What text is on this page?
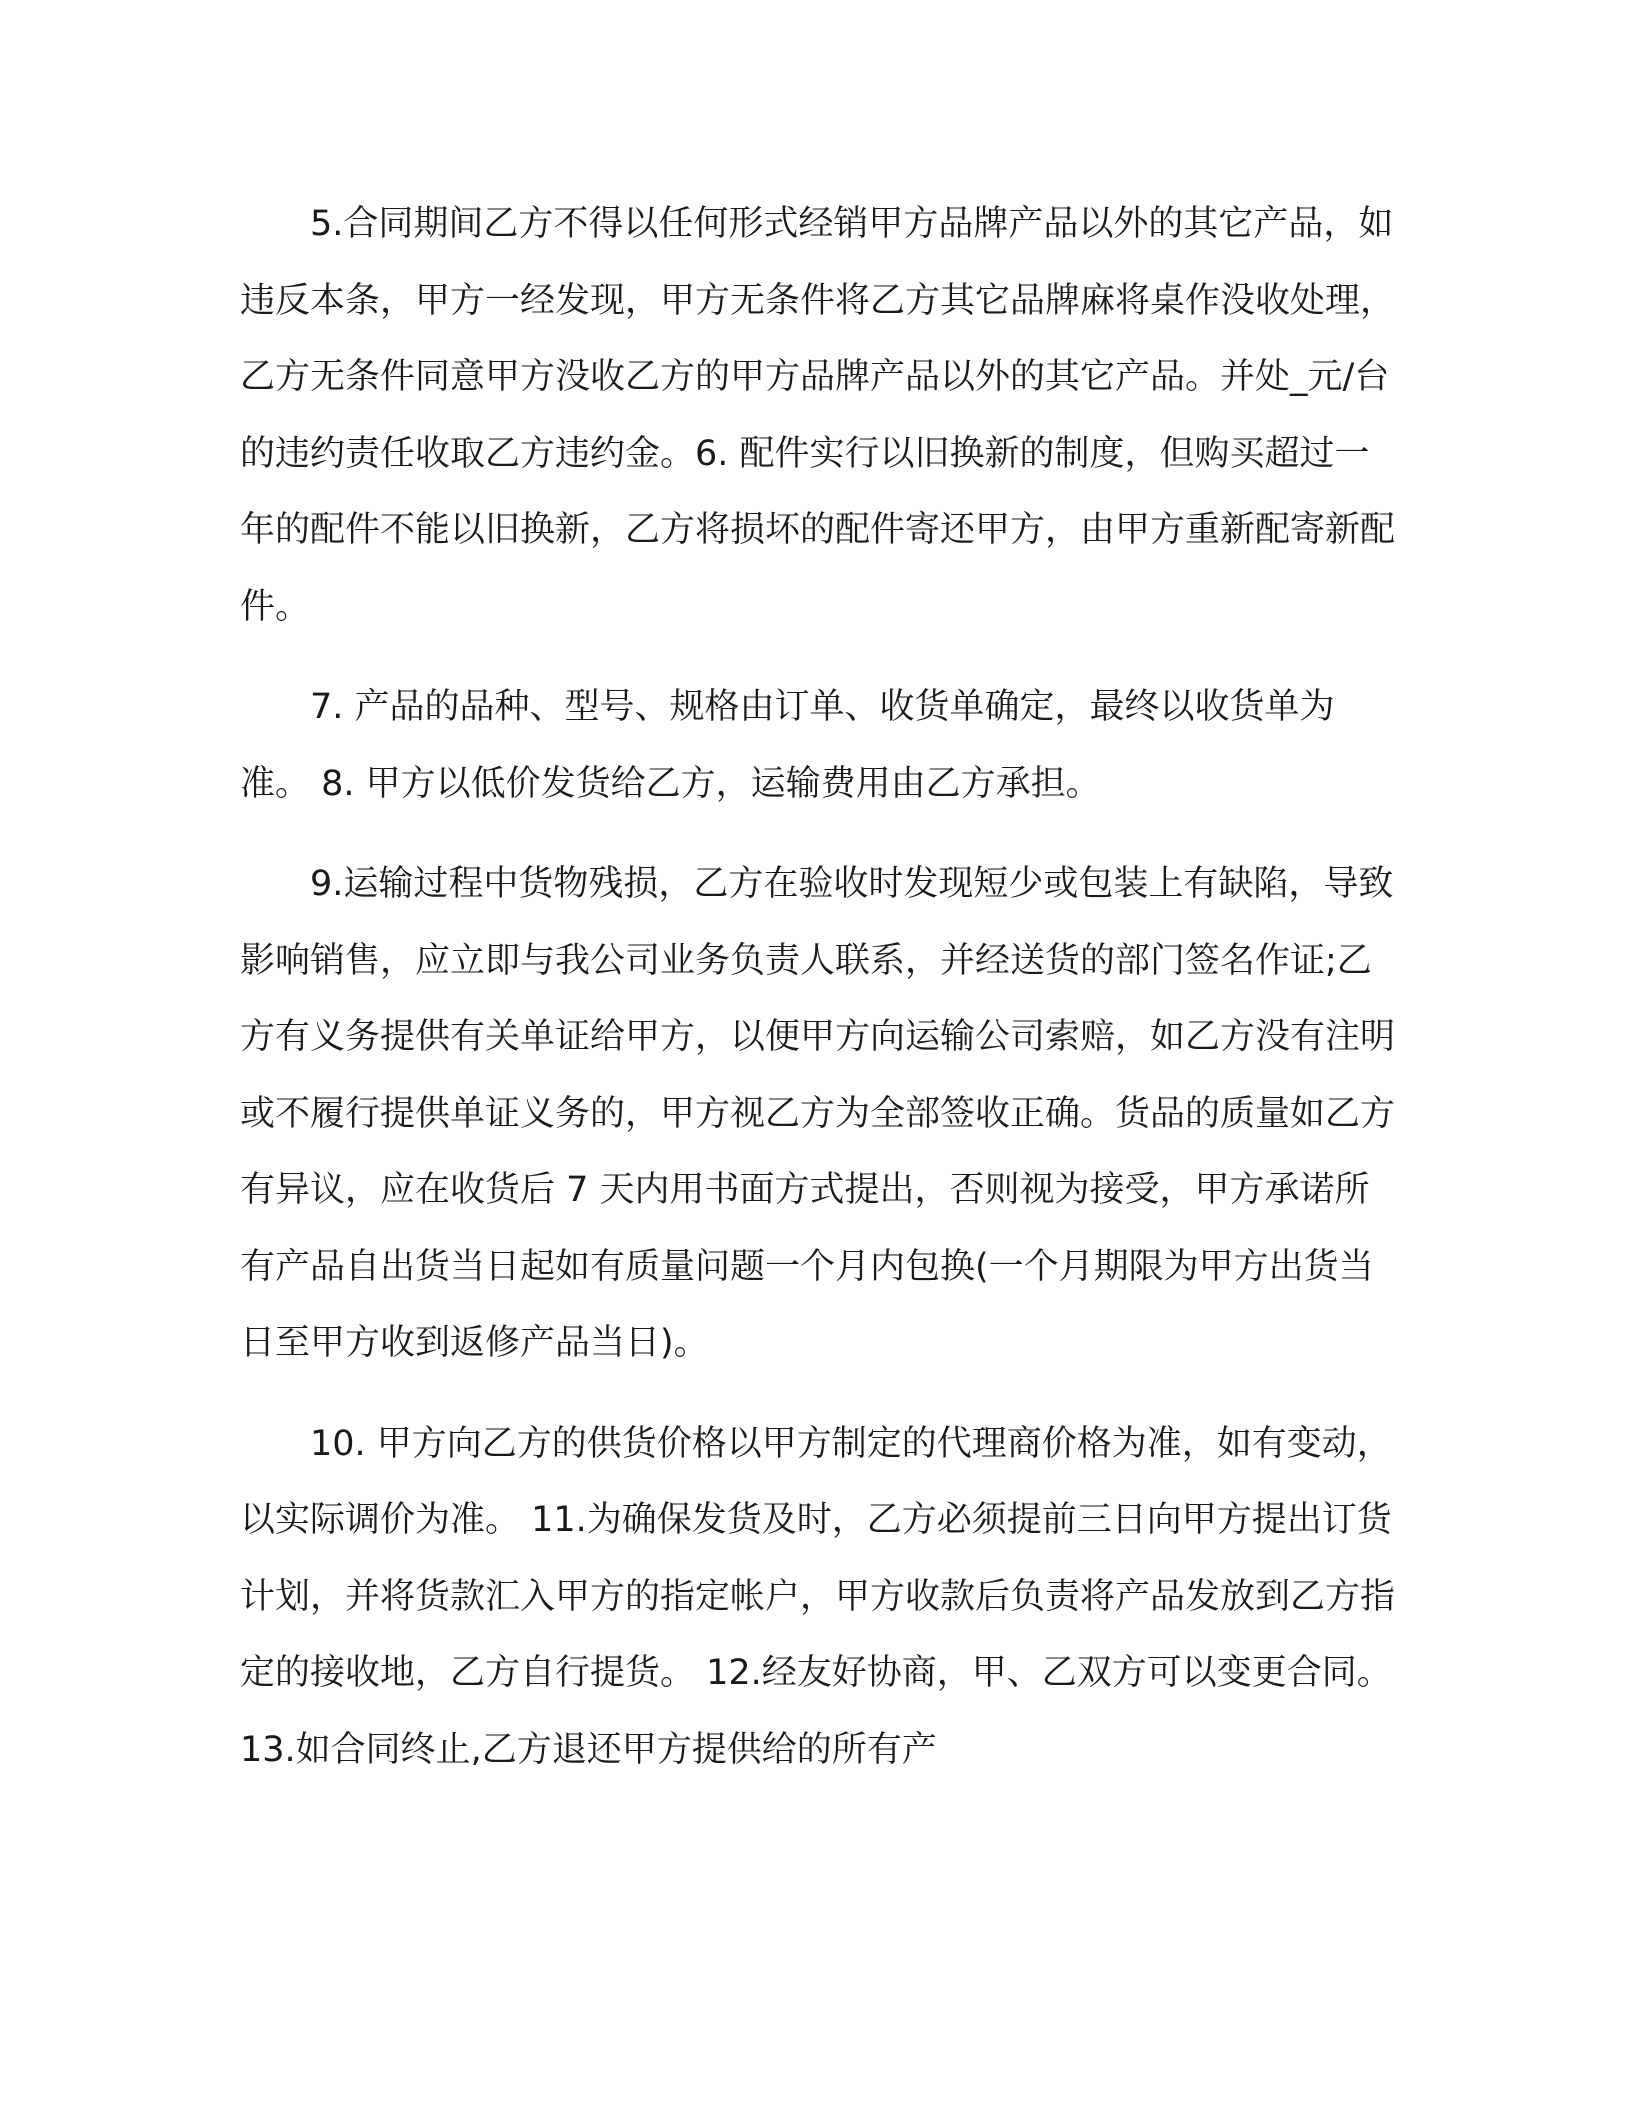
5.合同期间乙方不得以任何形式经销甲方品牌产品以外的其它产品，如违反本条，甲方一经发现，甲方无条件将乙方其它品牌麻将桌作没收处理，乙方无条件同意甲方没收乙方的甲方品牌产品以外的其它产品。并处_元/台的违约责任收取乙方违约金。6. 配件实行以旧换新的制度，但购买超过一年的配件不能以旧换新，乙方将损坏的配件寄还甲方，由甲方重新配寄新配件。

7. 产品的品种、型号、规格由订单、收货单确定，最终以收货单为准。 8. 甲方以低价发货给乙方，运输费用由乙方承担。

9.运输过程中货物残损，乙方在验收时发现短少或包装上有缺陷，导致影响销售，应立即与我公司业务负责人联系，并经送货的部门签名作证;乙方有义务提供有关单证给甲方，以便甲方向运输公司索赔，如乙方没有注明或不履行提供单证义务的，甲方视乙方为全部签收正确。货品的质量如乙方有异议，应在收货后 7 天内用书面方式提出，否则视为接受，甲方承诺所有产品自出货当日起如有质量问题一个月内包换(一个月期限为甲方出货当日至甲方收到返修产品当日)。

10. 甲方向乙方的供货价格以甲方制定的代理商价格为准，如有变动，以实际调价为准。 11.为确保发货及时，乙方必须提前三日向甲方提出订货计划，并将货款汇入甲方的指定帐户，甲方收款后负责将产品发放到乙方指定的接收地，乙方自行提货。 12.经友好协商，甲、乙双方可以变更合同。 13.如合同终止,乙方退还甲方提供给的所有产
